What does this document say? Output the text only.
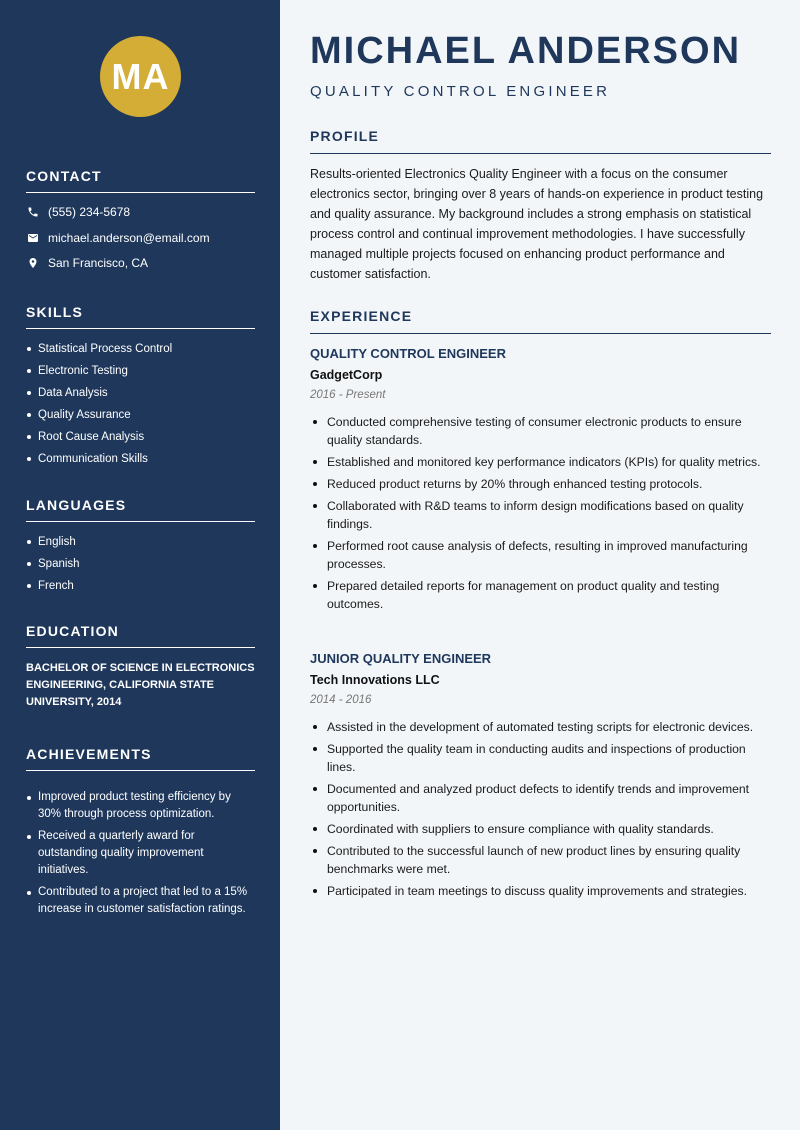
MA
CONTACT
(555) 234-5678
michael.anderson@email.com
San Francisco, CA
SKILLS
Statistical Process Control
Electronic Testing
Data Analysis
Quality Assurance
Root Cause Analysis
Communication Skills
LANGUAGES
English
Spanish
French
EDUCATION
BACHELOR OF SCIENCE IN ELECTRONICS ENGINEERING, CALIFORNIA STATE UNIVERSITY, 2014
ACHIEVEMENTS
Improved product testing efficiency by 30% through process optimization.
Received a quarterly award for outstanding quality improvement initiatives.
Contributed to a project that led to a 15% increase in customer satisfaction ratings.
MICHAEL ANDERSON
QUALITY CONTROL ENGINEER
PROFILE

Results-oriented Electronics Quality Engineer with a focus on the consumer electronics sector, bringing over 8 years of hands-on experience in product testing and quality assurance. My background includes a strong emphasis on statistical process control and continual improvement methodologies. I have successfully managed multiple projects focused on enhancing product performance and customer satisfaction.

EXPERIENCE
QUALITY CONTROL ENGINEER
GadgetCorp
2016 - Present
Conducted comprehensive testing of consumer electronic products to ensure quality standards.
Established and monitored key performance indicators (KPIs) for quality metrics.
Reduced product returns by 20% through enhanced testing protocols.
Collaborated with R&D teams to inform design modifications based on quality findings.
Performed root cause analysis of defects, resulting in improved manufacturing processes.
Prepared detailed reports for management on product quality and testing outcomes.
JUNIOR QUALITY ENGINEER
Tech Innovations LLC
2014 - 2016
Assisted in the development of automated testing scripts for electronic devices.
Supported the quality team in conducting audits and inspections of production lines.
Documented and analyzed product defects to identify trends and improvement opportunities.
Coordinated with suppliers to ensure compliance with quality standards.
Contributed to the successful launch of new product lines by ensuring quality benchmarks were met.
Participated in team meetings to discuss quality improvements and strategies.
